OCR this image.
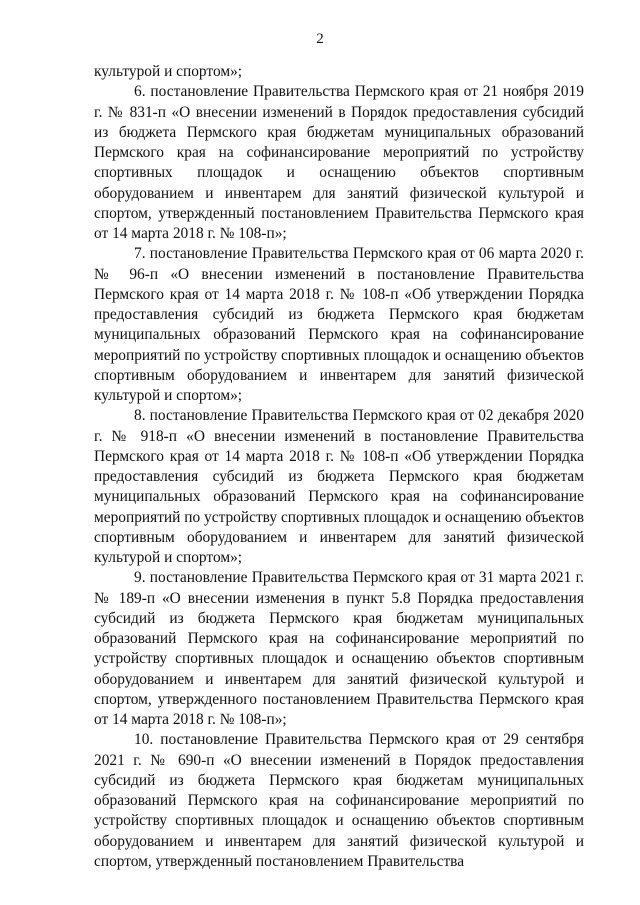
2

культурой и спортом»;

6. постановление Правительства Пермского края от 21 ноября 2019 г. № 831-п «О внесении изменений в Порядок предоставления субсидий из бюджета Пермского края бюджетам муниципальных образований Пермского края на софинансирование мероприятий по устройству спортивных площадок и оснащению объектов спортивным оборудованием и инвентарем для занятий физической культурой и спортом, утвержденный постановлением Правительства Пермского края от 14 марта 2018 г. № 108-п»;

7. постановление Правительства Пермского края от 06 марта 2020 г. № 96-п «О внесении изменений в постановление Правительства Пермского края от 14 марта 2018 г. № 108-п «Об утверждении Порядка предоставления субсидий из бюджета Пермского края бюджетам муниципальных образований Пермского края на софинансирование мероприятий по устройству спортивных площадок и оснащению объектов спортивным оборудованием и инвентарем для занятий физической культурой и спортом»;

8. постановление Правительства Пермского края от 02 декабря 2020 г. № 918-п «О внесении изменений в постановление Правительства Пермского края от 14 марта 2018 г. № 108-п «Об утверждении Порядка предоставления субсидий из бюджета Пермского края бюджетам муниципальных образований Пермского края на софинансирование мероприятий по устройству спортивных площадок и оснащению объектов спортивным оборудованием и инвентарем для занятий физической культурой и спортом»;

9. постановление Правительства Пермского края от 31 марта 2021 г. № 189-п «О внесении изменения в пункт 5.8 Порядка предоставления субсидий из бюджета Пермского края бюджетам муниципальных образований Пермского края на софинансирование мероприятий по устройству спортивных площадок и оснащению объектов спортивным оборудованием и инвентарем для занятий физической культурой и спортом, утвержденного постановлением Правительства Пермского края от 14 марта 2018 г. № 108-п»;

10. постановление Правительства Пермского края от 29 сентября 2021 г. № 690-п «О внесении изменений в Порядок предоставления субсидий из бюджета Пермского края бюджетам муниципальных образований Пермского края на софинансирование мероприятий по устройству спортивных площадок и оснащению объектов спортивным оборудованием и инвентарем для занятий физической культурой и спортом, утвержденный постановлением Правительства
